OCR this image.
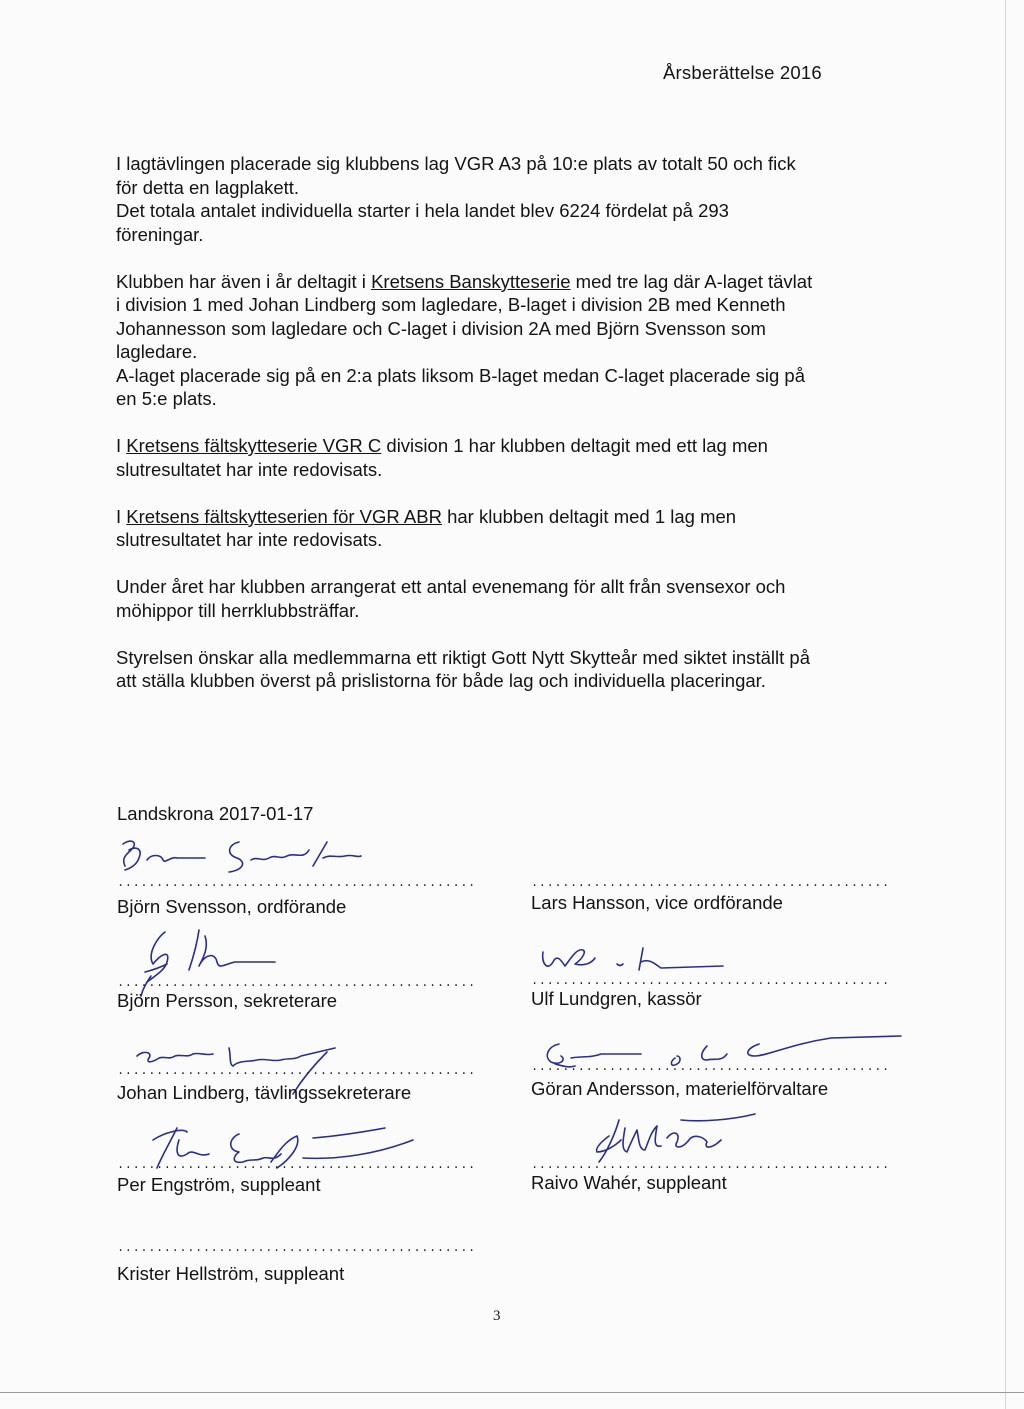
Årsberättelse 2016

I lagtävlingen placerade sig klubbens lag VGR A3 på 10:e plats av totalt 50 och fick
för detta en lagplakett.
Det totala antalet individuella starter i hela landet blev 6224 fördelat på 293
föreningar.

Klubben har även i år deltagit i Kretsens Banskytteserie med tre lag där A-laget tävlat
i division 1 med Johan Lindberg som lagledare, B-laget i division 2B med Kenneth
Johannesson som lagledare och C-laget i division 2A med Björn Svensson som
lagledare.
A-laget placerade sig på en 2:a plats liksom B-laget medan C-laget placerade sig på
en 5:e plats.

I Kretsens fältskytteserie VGR C division 1 har klubben deltagit med ett lag men
slutresultatet har inte redovisats.

I Kretsens fältskytteserien för VGR ABR har klubben deltagit med 1 lag men
slutresultatet har inte redovisats.

Under året har klubben arrangerat ett antal evenemang för allt från svensexor och
möhippor till herrklubbsträffar.

Styrelsen önskar alla medlemmarna ett riktigt Gott Nytt Skytteår med siktet inställt på
att ställa klubben överst på prislistorna för både lag och individuella placeringar.

Landskrona 2017-01-17
..............................................
Björn Svensson, ordförande
..............................................
Björn Persson, sekreterare
..............................................
Johan Lindberg, tävlingssekreterare
..............................................
Per Engström, suppleant
..............................................
Krister Hellström, suppleant
..............................................
Lars Hansson, vice ordförande
..............................................
Ulf Lundgren, kassör
..............................................
Göran Andersson, materielförvaltare
..............................................
Raivo Wahér, suppleant
3
